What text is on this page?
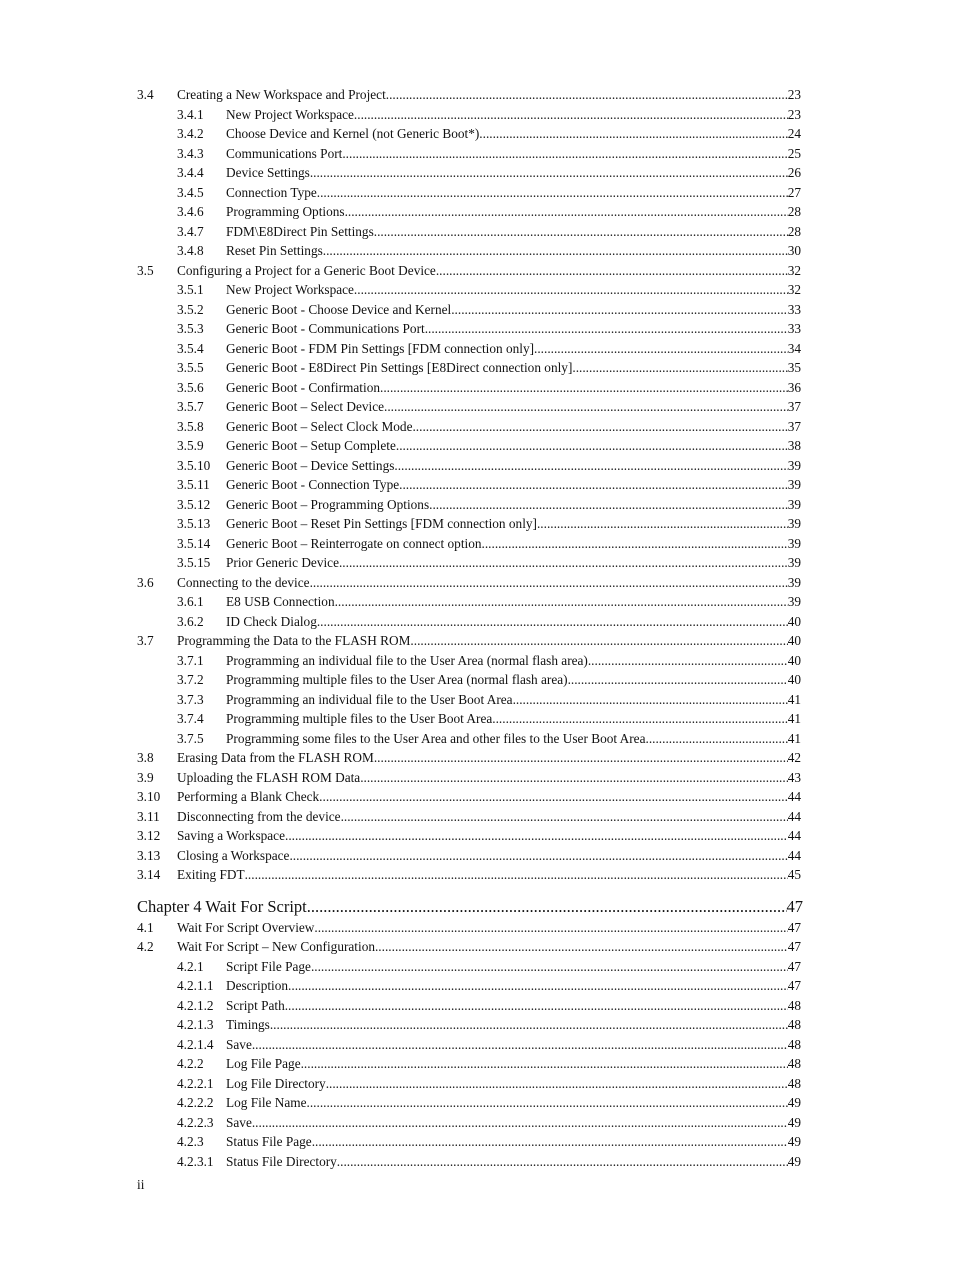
3.4 Creating a New Workspace and Project .....	23
3.4.1 New Project Workspace .....	23
3.4.2 Choose Device and Kernel (not Generic Boot*) .....	24
3.4.3 Communications Port .....	25
3.4.4 Device Settings .....	26
3.4.5 Connection Type .....	27
3.4.6 Programming Options .....	28
3.4.7 FDM\E8Direct Pin Settings .....	28
3.4.8 Reset Pin Settings .....	30
3.5 Configuring a Project for a Generic Boot Device .....	32
3.5.1 New Project Workspace .....	32
3.5.2 Generic Boot - Choose Device and Kernel .....	33
3.5.3 Generic Boot - Communications Port .....	33
3.5.4 Generic Boot - FDM Pin Settings [FDM connection only] .....	34
3.5.5 Generic Boot - E8Direct Pin Settings [E8Direct connection only] .....	35
3.5.6 Generic Boot - Confirmation .....	36
3.5.7 Generic Boot – Select Device .....	37
3.5.8 Generic Boot – Select Clock Mode .....	37
3.5.9 Generic Boot – Setup Complete .....	38
3.5.10 Generic Boot – Device Settings .....	39
3.5.11 Generic Boot - Connection Type .....	39
3.5.12 Generic Boot – Programming Options .....	39
3.5.13 Generic Boot – Reset Pin Settings [FDM connection only] .....	39
3.5.14 Generic Boot – Reinterrogate on connect option .....	39
3.5.15 Prior Generic Device .....	39
3.6 Connecting to the device .....	39
3.6.1 E8 USB Connection .....	39
3.6.2 ID Check Dialog .....	40
3.7 Programming the Data to the FLASH ROM .....	40
3.7.1 Programming an individual file to the User Area (normal flash area) .....	40
3.7.2 Programming multiple files to the User Area (normal flash area) .....	40
3.7.3 Programming an individual file to the User Boot Area .....	41
3.7.4 Programming multiple files to the User Boot Area .....	41
3.7.5 Programming some files to the User Area and other files to the User Boot Area .....	41
3.8 Erasing Data from the FLASH ROM .....	42
3.9 Uploading the FLASH ROM Data .....	43
3.10 Performing a Blank Check .....	44
3.11 Disconnecting from the device .....	44
3.12 Saving a Workspace .....	44
3.13 Closing a Workspace .....	44
3.14 Exiting FDT .....	45
Chapter 4 Wait For Script .....	47
4.1 Wait For Script Overview .....	47
4.2 Wait For Script – New Configuration... .....	47
4.2.1 Script File Page .....	47
4.2.1.1 Description .....	47
4.2.1.2 Script Path .....	48
4.2.1.3 Timings .....	48
4.2.1.4 Save .....	48
4.2.2 Log File Page .....	48
4.2.2.1 Log File Directory .....	48
4.2.2.2 Log File Name .....	49
4.2.2.3 Save .....	49
4.2.3 Status File Page .....	49
4.2.3.1 Status File Directory .....	49
ii
